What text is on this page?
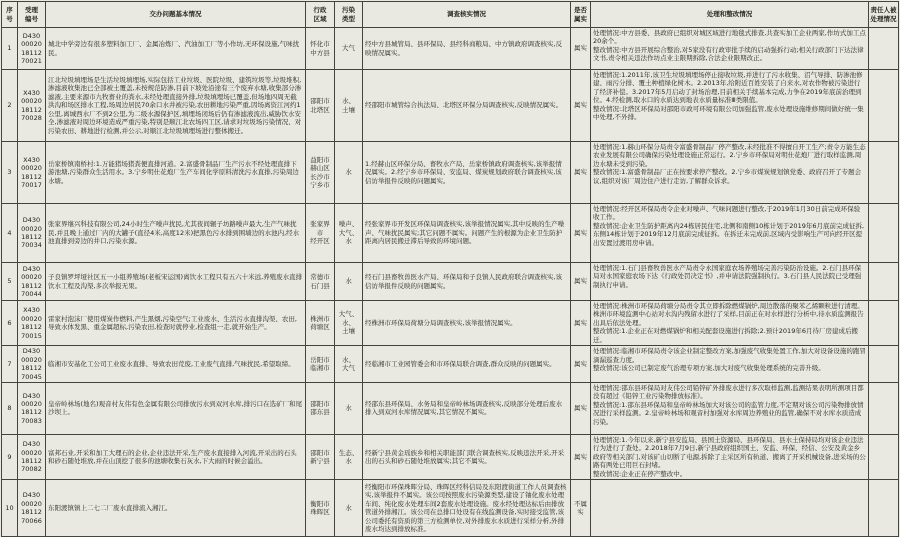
序
号	受理
编号	交办问题基本情况	行政
区域	污染
类型	调查核实情况	是否
属实	处理和整改情况	责任人被
处理情况
1	D430
00020
18112
70021	城北中学旁边有很多塑料加工厂、金属冶炼厂、汽油加工厂等小作坊,无环保设施,气味扰民。	怀化市
中方县	大气	经中方县城管局、县环保局、县经科商粮局、中方镇政府调查核实,反映情况属实。	属实	处理情况:中方县委、县政府已组织对城区域进行地毯式排查,共查实加工企业两家,作坊式加工点20余个。
整改情况:中方县开展综合整治,对5家没有行政审批手续的启动强拆行动;相关行政部门下达法律文书,责令相关违法作坊点业主限期拆除,合法企业限期改正。	
2	X430
00020
18112
70028	江北垃圾填埋场是生活垃圾填埋场,实际包括工业垃圾、医院垃圾、建筑垃圾等,垃圾堆积,渗滤液收集池已全部被土覆盖,未按规范防渗,目前下坡处沿途有三个废弃水塘,收集部分渗滤液,主要来源市九牧畜业的粪水,未经处理直接外排,垃圾填埋场已覆盖,但场地四周无截洪沟和场区排水工程,场周边居民70余口水井被污染,农田耕地污染严重,因场离资江河约1公里,离城西水厂不到2公里,为二级水源保护区,填埋场闭场后仍有渗滤液流出,威胁饮水安全,渗滤液对周边环境造成严重污染,特别是顺江北农场四工区,请求对垃圾场污染情况、对污染农田、耕地进行检测,并公示,对顺江北垃圾填埋场进行整体搬迁。	邵阳市
北塔区	水、
土壤	经邵阳市城管综合执法局、北塔区环保分局调查核实,反映情况属实。	属实	处理情况:1.2011年,该卫生垃圾填埋场停止接收垃圾,并进行了污水收集、沼气导排、防渗池修建、雨污分排、覆土种植绿化树木。2.2013年,给附近百姓安装了自来水,对农作物被污染进行了经济补偿。3.2017年5月启动了封场治理,目前相关手续基本完成,力争在2019年底前治理到位。4.经检测,取水口的水质达到地表水质量标准Ⅲ类限值。
整改情况:北塔区环保局对邵阳市政可环境有限公司加强监管,废水处理设施维修期间做好统一集中处理,不外排。	
3	X430
00020
18112
70017	岳家桥镇南桥村:1.万能猪场猪粪便直排河道。2.富盛骨制品厂生产污水不经处理直排下游池塘,污染群众生活用水。3.宁乡明仕花炮厂生产车间化学原料清洗污水直排,污染周边水塘。	益阳市
赫山区
长沙市
宁乡市	水	1.经赫山区环保分局、畜牧水产局、岳家桥镇政府调查核实,该举报情况属实。2.经宁乡市环保局、安监局、煤炭规划政府联合调查核实,该信访举报件反映的问题属实。	属实	处理情况:1.赫山环保分局责令富盛骨制品厂停产整改,未经批准不得擅自开工生产;责令万能生态农业发展有限公司确保污染处理设施正常运行。2.宁乡市环保局对明仕花炮厂进行取样监测,周边水塘未受到污染。
整改情况:1.富盛骨制品厂正在按要求停产整改。2.宁乡市煤炭规划镇党委、政府召开了专题会议,组织对该厂周边住户进行走访,了解群众诉求。	
4	D430
00020
18112
70034	张家界继兴科技有限公司,24小时生产噪声扰民,尤其夜间辗子坊路噪声最大,生产气味扰民,并且晚上通过厂内的大罐子(直径4米,高度12米)把黑色污水排到围墙边的水池内,经水池直排到旁边的井口,污染水源。	张家界市
经开区	噪声、
大气、
水	经张家界市开发区环保局调查核实,该举报情况属实,其中反映的生产噪声、气味扰民属实;其它问题不属实。问题产生的根源为企业卫生防护距离内居民搬迁滞后导致的环境问题。	属实	处理情况:经开区环保局责令企业对噪声、气味问题进行整改,于2019年1月30日前完成环保验收工作。
整改情况:企业卫生防护距离内24栋居民住宅,北侧和南侧10栋计划于2019年6月底前完成征拆,东侧14栋计划于2019年12月底前完成征拆。在拆迁未完成前,区域内受影响生产可向经开区提出安置过渡用房申请。	
5	D430
00020
18112
70044	子良镇罗坪垭社区五一小组养殖场(老板宋运国)离饮水工程只有五六十米远,养殖废水直排饮水工程及沟渠,多次举报无果。	常德市
石门县	水	经石门县畜牧兽医水产局、环保局和子良镇人民政府联合调查核实,该信访举报件反映的问题属实。	属实	处理情况:1.石门县畜牧兽医水产局责令永国家庭农场养殖场完善污染防治设施。2.石门县环保局对永国家庭农场下达《行政处罚决定书》,并申请法院强制执行。3.石门县人民法院已受理强制执行申请。	
6	X430
00020
18112
70015	雷家村泡沫厂使用煤炭作燃料,产生黑烟,污染空气;工业废水、生活污水直排沟渠、农田,导致水体发黑、重金属超标,污染农田,检查时就停业,检查组一走,就开始生产。	株洲市
荷塘区	大气、
水、
土壤	经株洲市环保局荷塘分局调查核实,该举报情况属实。	属实	处理情况:株洲市环保局荷塘分局责令其立即拆除燃煤锅炉,周边散落的聚苯乙烯颗粒进行清理。株洲市环境监测中心站对水沟内残留水进行了采样,目前正在对水样进行分析中,待水质监测报告出具后依法处理。
整改情况:1.企业正在对燃煤锅炉和相关配套设施进行拆除;2.预计2019年6月待厂房建成后搬迁。	
7	D430
00020
18112
70045	临湘市安基化工公司工业废水直排、导致农田荒废,工业废气直排,气味扰民,希望取缔。	岳阳市
临湘市	水、
大气	经临湘市工业园管委会和市环保局联合调查,群众反映的问题属实。	属实	处理情况:临湘市环保局责令该企业制定整改方案,加强废气收集处置工作,加大对设备设施的跑冒滴漏巡查力度。
整改情况:该公司已制定废气治理专项方案,加大对废气收集处理系统的完善升级。	
8	D430
00020
18112
70083	皇帝岭林场(地名)观音村友伟有色金属有限公司排放污水到双河水库,排污口在选矿厂和尾沙坝上。	邵阳市
邵东县	水	经邵东县环保局、水务局和皇帝岭林场调查核实,反映部分处理后废水排入到双河水库情况属实,其它情况不属实。	属实	处理情况:邵东县环保局对友伟公司铅锌矿外排废水进行多次取样监测,监测结果表明所测项目都没有超过《铅锌工业污染物排放标准》。
整改情况:1.邵东县环保局和皇帝岭林场加大对该公司的监管力度,不定期对该公司污染物排放情况进行采样监测。2.皇帝岭林场和观音村加强对水库周边养殖业的监管,确保不对水库水质造成污染。	
9	D430
00020
18112
70082	富邦石业,开采和加工大理石的企业,企业违法开采,生产废水直接排入河流,开采出的石头和砂石随处堆放,并在山顶挖了很多的池塘收集石灰水,下大雨的时候会溢出。	邵阳市
新宁县	生态、
水	经新宁县黄金瑶族乡和相关职能部门联合调查核实,反映违法开采,开采出的石头和砂石随处堆放属实;其它不属实。	属实	处理情况:1.今年以来,新宁县安监局、县国土资源局、县环保局、县水土保持局均对该企业违法行为进行了查处。2.2018年7月9日,新宁县政府组织国土、安监、环保、经信、公安及黄金乡政府等相关部门,对该矿山切断了电源,拆除了主采区所有轨道、搬离了开采机械设备,进采场的公路有两处已用巨石封堵。
整改情况:企业正在停产整改中。	
10	D430
00020
18112
70066	东阳渡镇镇上二七二厂废水直排流入湘江。	衡阳市
珠晖区	水	经衡阳市环保珠晖分局、珠晖区经科信局及东阳渡街道工作人员调查核实,该举报件不属实。该公司按照废水污染源类型,建设了铀化废水处理车间、纯化废水处理车间2套废水处理设施。废水经处理达标后由排放管道外排湘江。该公司在总排口处设有在线监测设备,实时接受监管,该公司委托有资质的第三方检测单位,对外排废水水质进行采样分析,外排废水均达到排放标准。	不属
实		
